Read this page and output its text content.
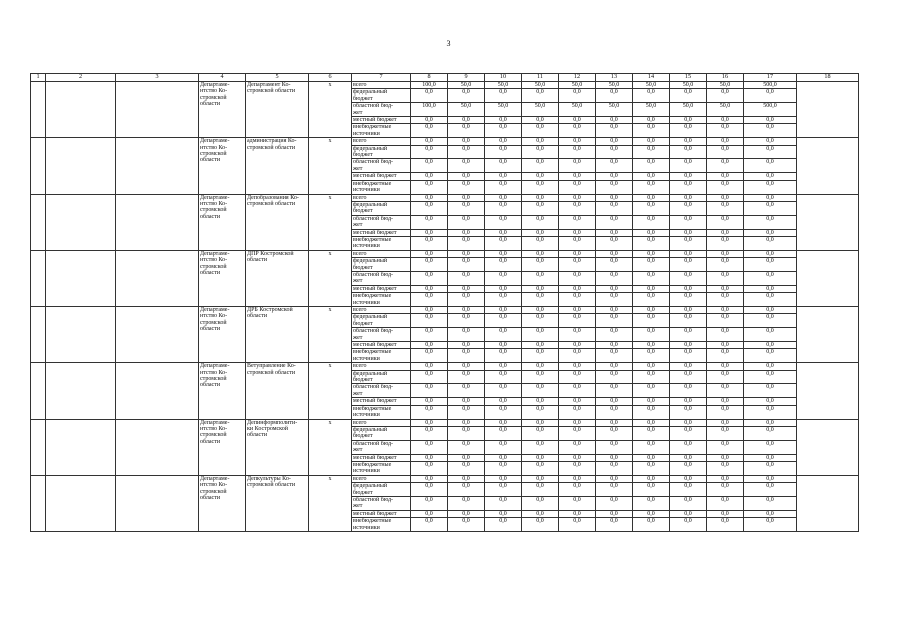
3
1	2	3	4	5	6	7	8	9	10	11	12	13	14	15	16	17	18
			Департаме-
нтство Ко-
стромской
области	Департамент Ко-
стромской области	х	всего	100,0	50,0	50,0	50,0	50,0	50,0	50,0	50,0	50,0	500,0	
						федеральный
бюджет	0,0	0,0	0,0	0,0	0,0	0,0	0,0	0,0	0,0	0,0	
						областной бюд-
жет	100,0	50,0	50,0	50,0	50,0	50,0	50,0	50,0	50,0	500,0	
						местный бюджет	0,0	0,0	0,0	0,0	0,0	0,0	0,0	0,0	0,0	0,0	
						внебюджетные
источники	0,0	0,0	0,0	0,0	0,0	0,0	0,0	0,0	0,0	0,0	
			Департаме-
нтство Ко-
стромской
области	администрация Ко-
стромской области	х	всего	0,0	0,0	0,0	0,0	0,0	0,0	0,0	0,0	0,0	0,0	
						федеральный
бюджет	0,0	0,0	0,0	0,0	0,0	0,0	0,0	0,0	0,0	0,0	
						областной бюд-
жет	0,0	0,0	0,0	0,0	0,0	0,0	0,0	0,0	0,0	0,0	
						местный бюджет	0,0	0,0	0,0	0,0	0,0	0,0	0,0	0,0	0,0	0,0	
						внебюджетные
источники	0,0	0,0	0,0	0,0	0,0	0,0	0,0	0,0	0,0	0,0	
			Департаме-
нтство Ко-
стромской
области	Депобразования Ко-
стромской области	х	всего	0,0	0,0	0,0	0,0	0,0	0,0	0,0	0,0	0,0	0,0	
						федеральный
бюджет	0,0	0,0	0,0	0,0	0,0	0,0	0,0	0,0	0,0	0,0	
						областной бюд-
жет	0,0	0,0	0,0	0,0	0,0	0,0	0,0	0,0	0,0	0,0	
						местный бюджет	0,0	0,0	0,0	0,0	0,0	0,0	0,0	0,0	0,0	0,0	
						внебюджетные
источники	0,0	0,0	0,0	0,0	0,0	0,0	0,0	0,0	0,0	0,0	
			Департаме-
нтство Ко-
стромской
области	ДПР Костромской
области	х	всего	0,0	0,0	0,0	0,0	0,0	0,0	0,0	0,0	0,0	0,0	
						федеральный
бюджет	0,0	0,0	0,0	0,0	0,0	0,0	0,0	0,0	0,0	0,0	
						областной бюд-
жет	0,0	0,0	0,0	0,0	0,0	0,0	0,0	0,0	0,0	0,0	
						местный бюджет	0,0	0,0	0,0	0,0	0,0	0,0	0,0	0,0	0,0	0,0	
						внебюджетные
источники	0,0	0,0	0,0	0,0	0,0	0,0	0,0	0,0	0,0	0,0	
			Департаме-
нтство Ко-
стромской
области	ДРБ Костромской
области	х	всего	0,0	0,0	0,0	0,0	0,0	0,0	0,0	0,0	0,0	0,0	
						федеральный
бюджет	0,0	0,0	0,0	0,0	0,0	0,0	0,0	0,0	0,0	0,0	
						областной бюд-
жет	0,0	0,0	0,0	0,0	0,0	0,0	0,0	0,0	0,0	0,0	
						местный бюджет	0,0	0,0	0,0	0,0	0,0	0,0	0,0	0,0	0,0	0,0	
						внебюджетные
источники	0,0	0,0	0,0	0,0	0,0	0,0	0,0	0,0	0,0	0,0	
			Департаме-
нтство Ко-
стромской
области	Ветуправление Ко-
стромской области	х	всего	0,0	0,0	0,0	0,0	0,0	0,0	0,0	0,0	0,0	0,0	
						федеральный
бюджет	0,0	0,0	0,0	0,0	0,0	0,0	0,0	0,0	0,0	0,0	
						областной бюд-
жет	0,0	0,0	0,0	0,0	0,0	0,0	0,0	0,0	0,0	0,0	
						местный бюджет	0,0	0,0	0,0	0,0	0,0	0,0	0,0	0,0	0,0	0,0	
						внебюджетные
источники	0,0	0,0	0,0	0,0	0,0	0,0	0,0	0,0	0,0	0,0	
			Департаме-
нтство Ко-
стромской
области	Депинформполити-
ки Костромской
области	х	всего	0,0	0,0	0,0	0,0	0,0	0,0	0,0	0,0	0,0	0,0	
						федеральный
бюджет	0,0	0,0	0,0	0,0	0,0	0,0	0,0	0,0	0,0	0,0	
						областной бюд-
жет	0,0	0,0	0,0	0,0	0,0	0,0	0,0	0,0	0,0	0,0	
						местный бюджет	0,0	0,0	0,0	0,0	0,0	0,0	0,0	0,0	0,0	0,0	
						внебюджетные
источники	0,0	0,0	0,0	0,0	0,0	0,0	0,0	0,0	0,0	0,0	
			Департаме-
нтство Ко-
стромской
области	Депкультуры Ко-
стромской области	х	всего	0,0	0,0	0,0	0,0	0,0	0,0	0,0	0,0	0,0	0,0	
						федеральный
бюджет	0,0	0,0	0,0	0,0	0,0	0,0	0,0	0,0	0,0	0,0	
						областной бюд-
жет	0,0	0,0	0,0	0,0	0,0	0,0	0,0	0,0	0,0	0,0	
						местный бюджет	0,0	0,0	0,0	0,0	0,0	0,0	0,0	0,0	0,0	0,0	
						внебюджетные
источники	0,0	0,0	0,0	0,0	0,0	0,0	0,0	0,0	0,0	0,0	
